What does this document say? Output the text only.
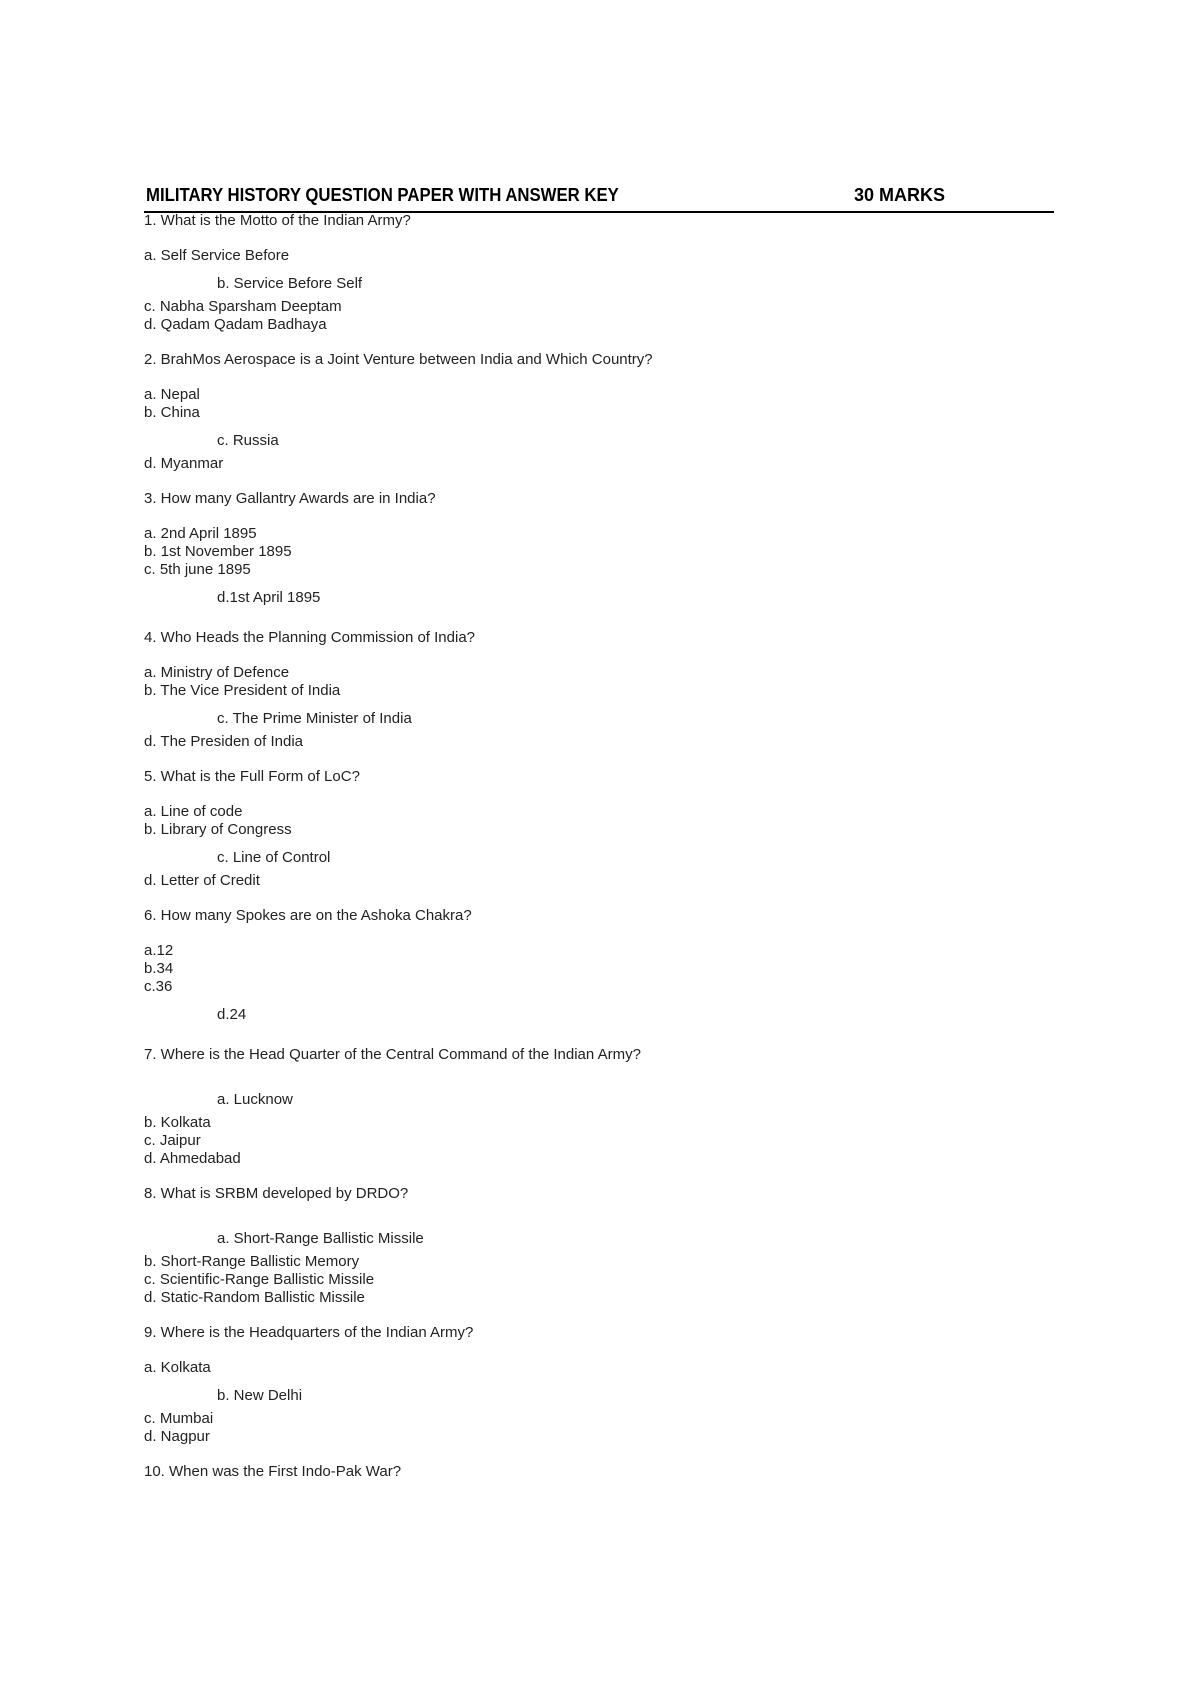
MILITARY HISTORY QUESTION PAPER WITH ANSWER KEY	30 MARKS
1. What is the Motto of the Indian Army?
a. Self Service Before
b. Service Before Self
c. Nabha Sparsham Deeptam
d. Qadam Qadam Badhaya
2. BrahMos Aerospace is a Joint Venture between India and Which Country?
a. Nepal
b. China
c. Russia
d. Myanmar
3. How many Gallantry Awards are in India?
a. 2nd April 1895
b. 1st November 1895
c. 5th june 1895
d.1st April 1895
4. Who Heads the Planning Commission of India?
a. Ministry of Defence
b. The Vice President of India
c. The Prime Minister of India
d. The Presiden of India
5. What is the Full Form of LoC?
a. Line of code
b. Library of Congress
c. Line of Control
d. Letter of Credit
6. How many Spokes are on the Ashoka Chakra?
a.12
b.34
c.36
d.24
7. Where is the Head Quarter of the Central Command of the Indian Army?
a. Lucknow
b. Kolkata
c. Jaipur
d. Ahmedabad
8. What is SRBM developed by DRDO?
a. Short-Range Ballistic Missile
b. Short-Range Ballistic Memory
c. Scientific-Range Ballistic Missile
d. Static-Random Ballistic Missile
9. Where is the Headquarters of the Indian Army?
a. Kolkata
b. New Delhi
c. Mumbai
d. Nagpur
10. When was the First Indo-Pak War?
